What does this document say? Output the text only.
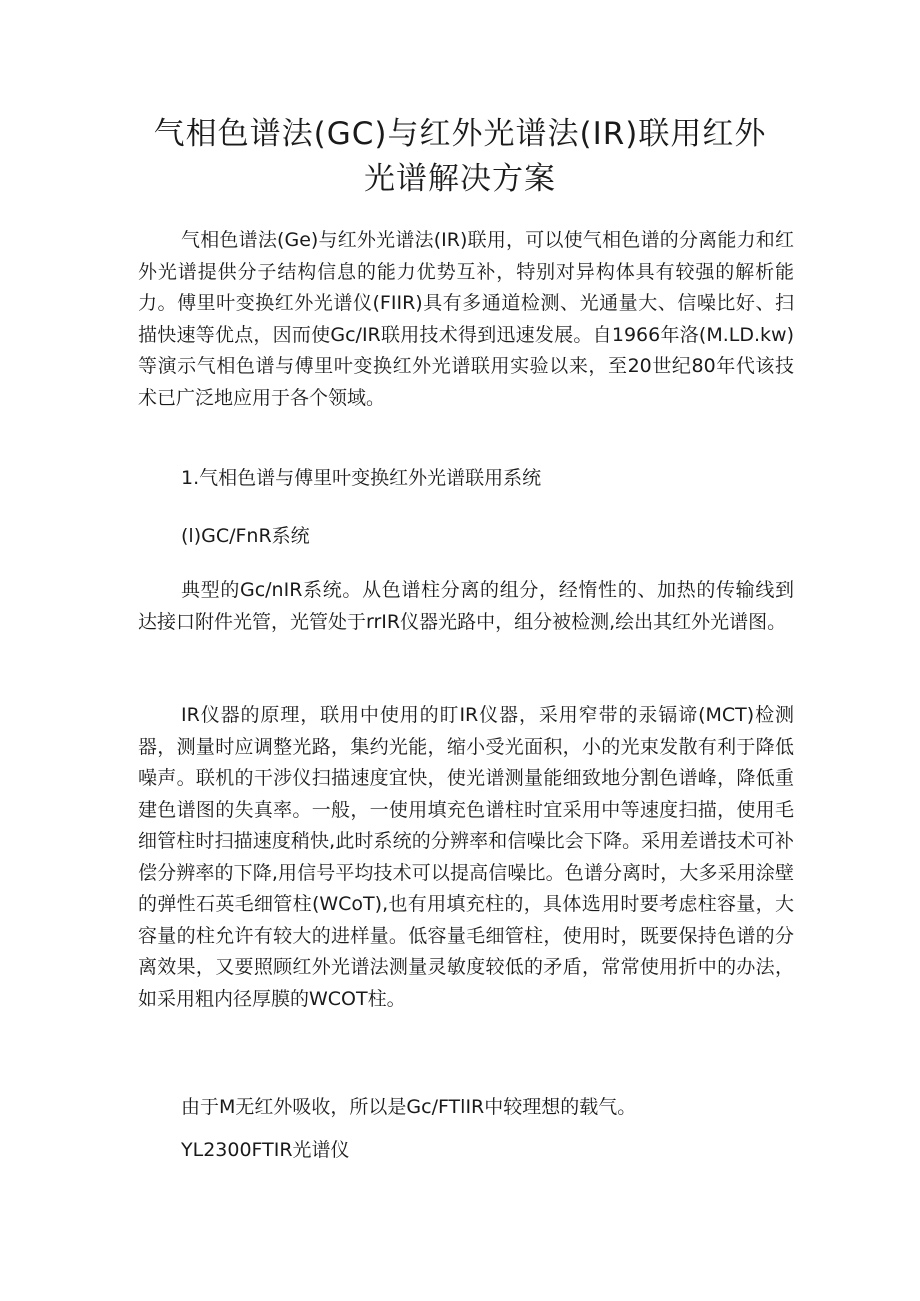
气相色谱法(GC)与红外光谱法(IR)联用红外
光谱解决方案

气相色谱法(Ge)与红外光谱法(IR)联用，可以使气相色谱的分离能力和红外光谱提供分子结构信息的能力优势互补，特别对异构体具有较强的解析能力。傅里叶变换红外光谱仪(FIIR)具有多通道检测、光通量大、信噪比好、扫描快速等优点，因而使Gc/IR联用技术得到迅速发展。自1966年洛(M.LD.kw)等演示气相色谱与傅里叶变换红外光谱联用实验以来，至20世纪80年代该技术已广泛地应用于各个领域。

1.气相色谱与傅里叶变换红外光谱联用系统

(l)GC/FnR系统

典型的Gc∕nIR系统。从色谱柱分离的组分，经惰性的、加热的传输线到达接口附件光管，光管处于rrIR仪器光路中，组分被检测,绘出其红外光谱图。

IR仪器的原理，联用中使用的盯IR仪器，采用窄带的汞镉谛(MCT)检测器，测量时应调整光路，集约光能，缩小受光面积，小的光束发散有利于降低噪声。联机的干涉仪扫描速度宜快，使光谱测量能细致地分割色谱峰，降低重建色谱图的失真率。一般，一使用填充色谱柱时宜采用中等速度扫描，使用毛细管柱时扫描速度稍快,此时系统的分辨率和信噪比会下降。采用差谱技术可补偿分辨率的下降,用信号平均技术可以提高信噪比。色谱分离时，大多采用涂壁的弹性石英毛细管柱(WCoT),也有用填充柱的，具体选用时要考虑柱容量，大容量的柱允许有较大的进样量。低容量毛细管柱，使用时，既要保持色谱的分离效果，又要照顾红外光谱法测量灵敏度较低的矛盾，常常使用折中的办法，如采用粗内径厚膜的WCOT柱。

由于M无红外吸收，所以是Gc/FTlIR中较理想的载气。

YL2300FTIR光谱仪
